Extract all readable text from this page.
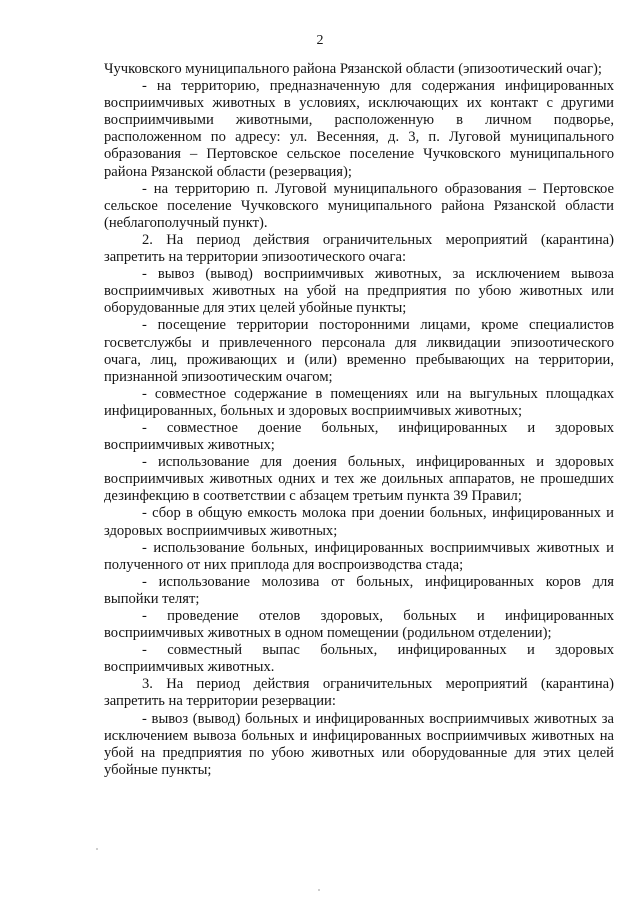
2

Чучковского муниципального района Рязанской области (эпизоотический очаг);

- на территорию, предназначенную для содержания инфицированных восприимчивых животных в условиях, исключающих их контакт с другими восприимчивыми животными, расположенную в личном подворье, расположенном по адресу: ул. Весенняя, д. 3, п. Луговой муниципального образования – Пертовское сельское поселение Чучковского муниципального района Рязанской области (резервация);

- на территорию п. Луговой муниципального образования – Пертовское сельское поселение Чучковского муниципального района Рязанской области (неблагополучный пункт).

2. На период действия ограничительных мероприятий (карантина) запретить на территории эпизоотического очага:

- вывоз (вывод) восприимчивых животных, за исключением вывоза восприимчивых животных на убой на предприятия по убою животных или оборудованные для этих целей убойные пункты;

- посещение территории посторонними лицами, кроме специалистов госветслужбы и привлеченного персонала для ликвидации эпизоотического очага, лиц, проживающих и (или) временно пребывающих на территории, признанной эпизоотическим очагом;

- совместное содержание в помещениях или на выгульных площадках инфицированных, больных и здоровых восприимчивых животных;

- совместное доение больных, инфицированных и здоровых восприимчивых животных;

- использование для доения больных, инфицированных и здоровых восприимчивых животных одних и тех же доильных аппаратов, не прошедших дезинфекцию в соответствии с абзацем третьим пункта 39 Правил;

- сбор в общую емкость молока при доении больных, инфицированных и здоровых восприимчивых животных;

- использование больных, инфицированных восприимчивых животных и полученного от них приплода для воспроизводства стада;

- использование молозива от больных, инфицированных коров для выпойки телят;

- проведение отелов здоровых, больных и инфицированных восприимчивых животных в одном помещении (родильном отделении);

- совместный выпас больных, инфицированных и здоровых восприимчивых животных.

3. На период действия ограничительных мероприятий (карантина) запретить на территории резервации:

- вывоз (вывод) больных и инфицированных восприимчивых животных за исключением вывоза больных и инфицированных восприимчивых животных на убой на предприятия по убою животных или оборудованные для этих целей убойные пункты;
